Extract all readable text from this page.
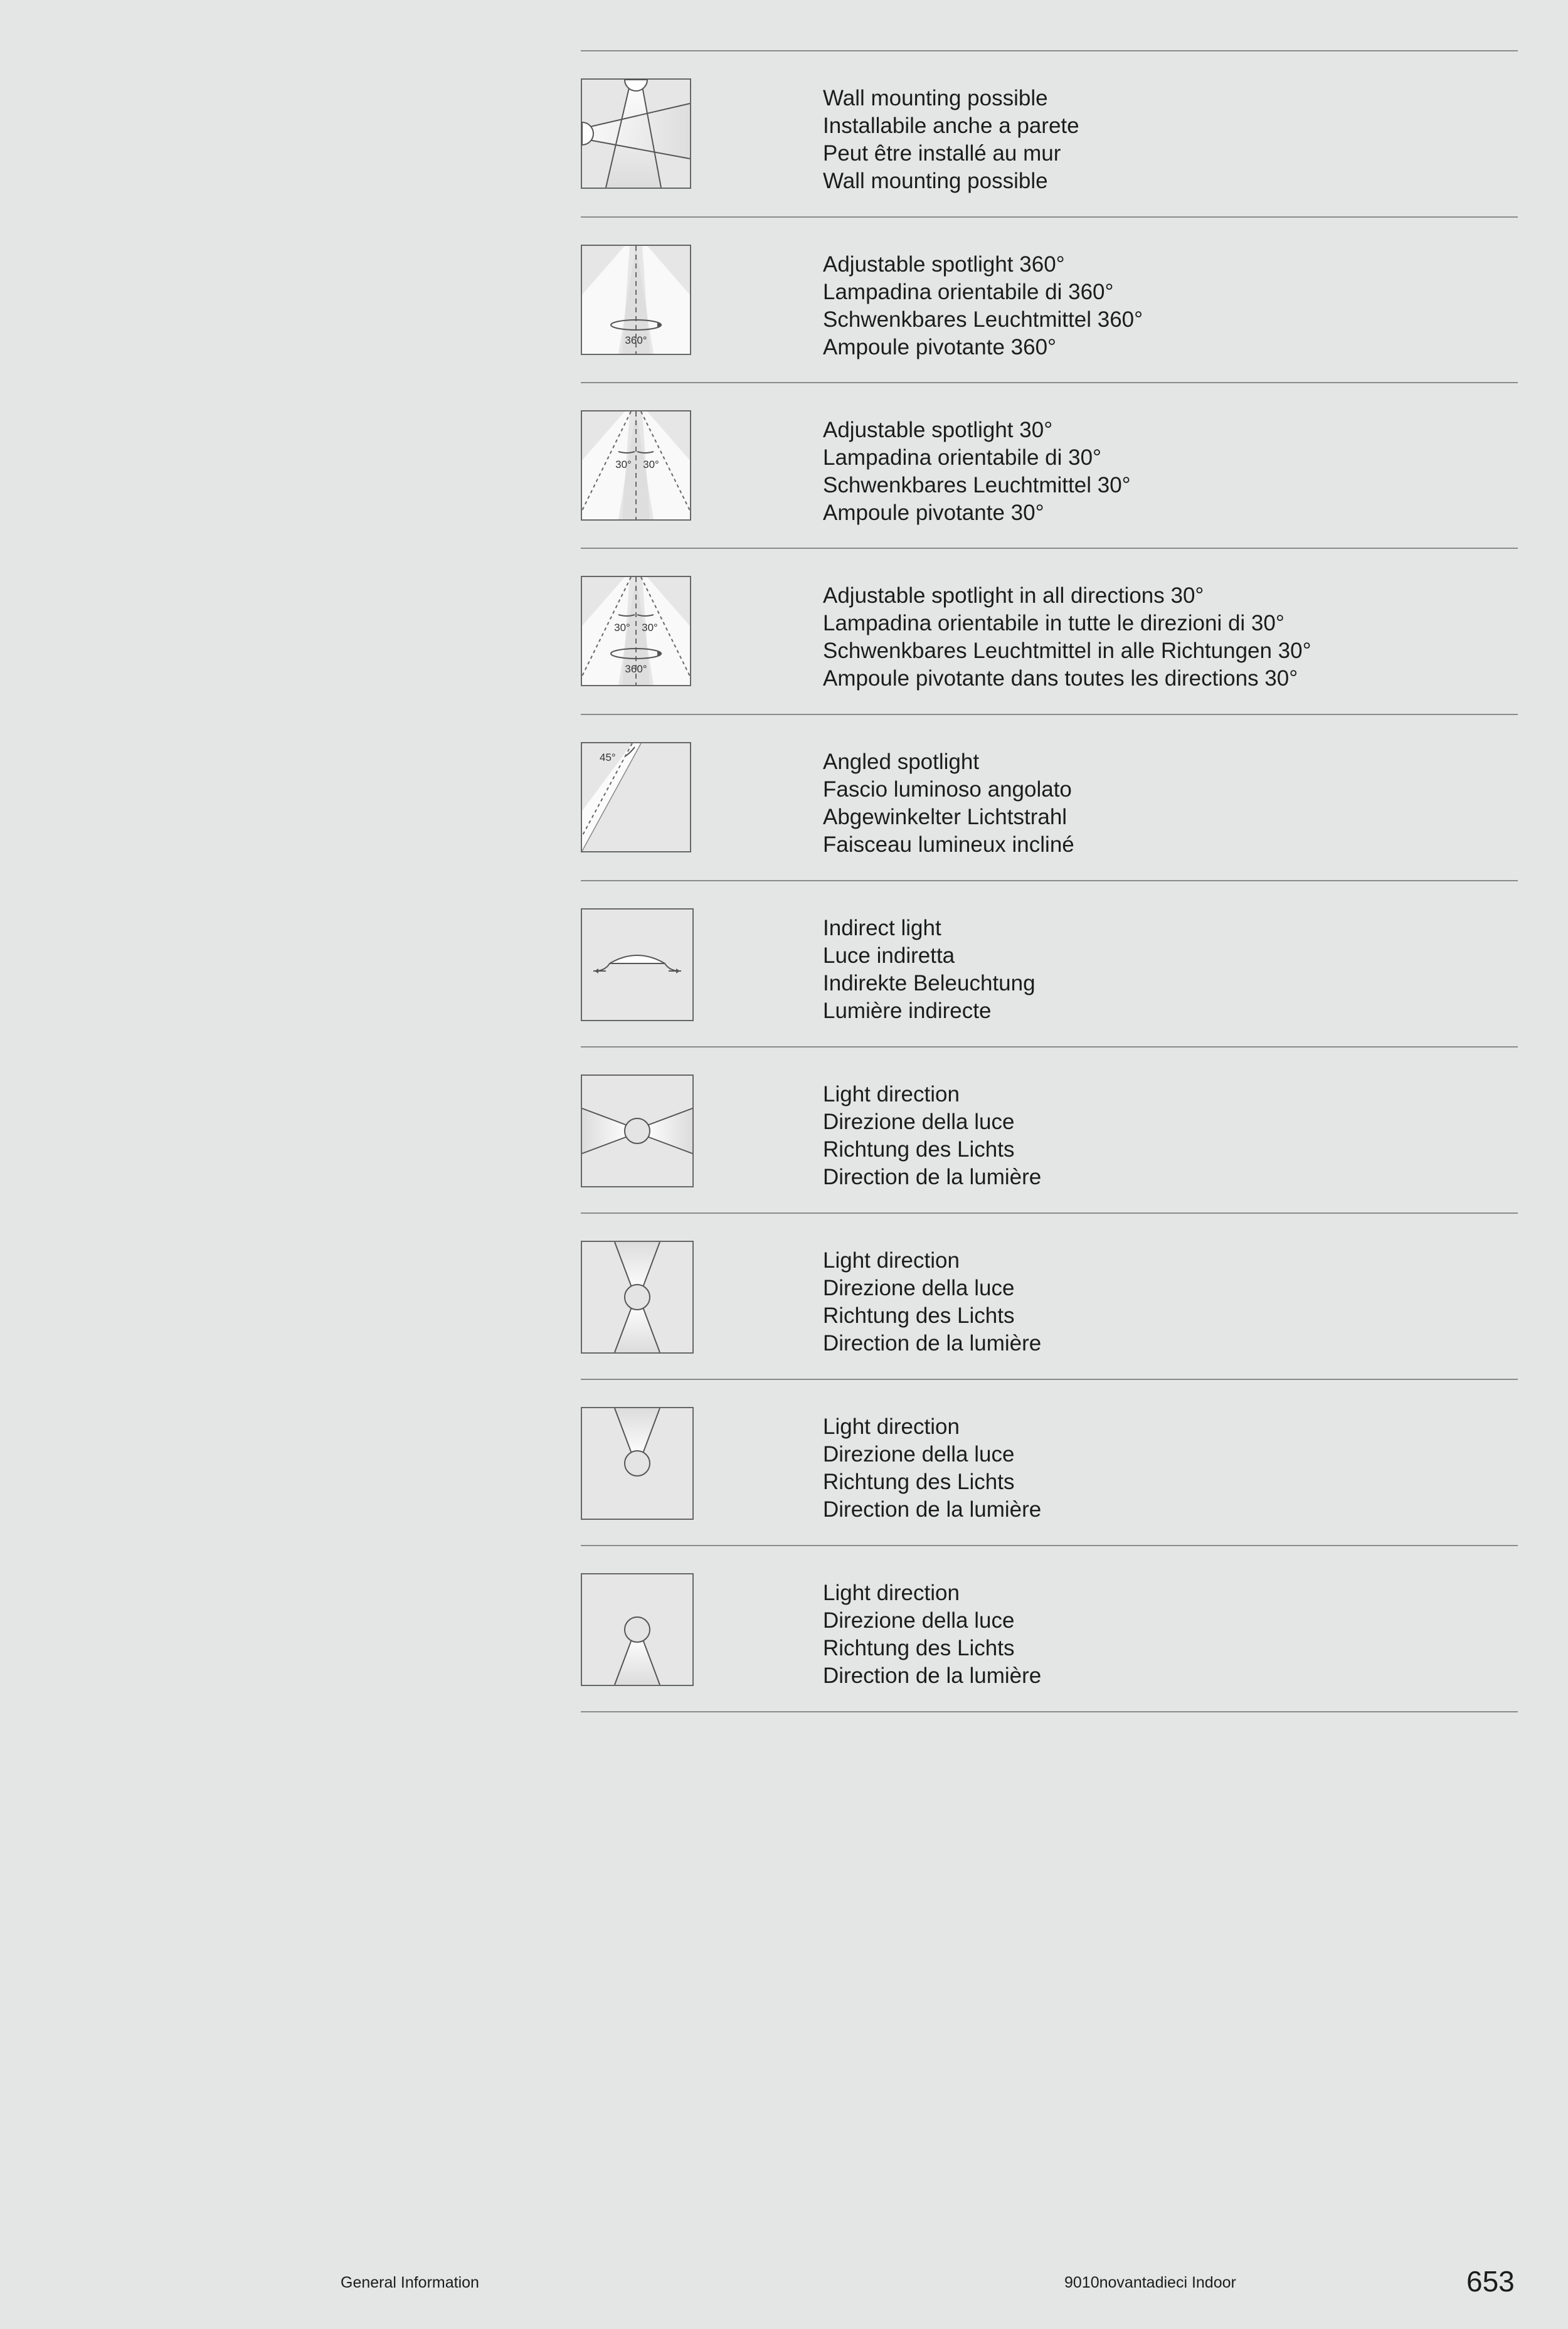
Wall mounting possible
Installabile anche a parete
Peut être installé au mur
Wall mounting possible
360°
Adjustable spotlight 360°
Lampadina orientabile di 360°
Schwenkbares Leuchtmittel 360°
Ampoule pivotante 360°
30° 30°
Adjustable spotlight 30°
Lampadina orientabile di 30°
Schwenkbares Leuchtmittel 30°
Ampoule pivotante 30°
30° 30°
360°
Adjustable spotlight in all directions 30°
Lampadina orientabile in tutte le direzioni di 30°
Schwenkbares Leuchtmittel in alle Richtungen 30°
Ampoule pivotante dans toutes les directions 30°
45°	Angled spotlight
Fascio luminoso angolato
Abgewinkelter Lichtstrahl
Faisceau lumineux incliné
Indirect light
Luce indiretta
Indirekte Beleuchtung
Lumière indirecte
Light direction
Direzione della luce
Richtung des Lichts
Direction de la lumière
Light direction
Direzione della luce
Richtung des Lichts
Direction de la lumière
Light direction
Direzione della luce
Richtung des Lichts
Direction de la lumière
Light direction
Direzione della luce
Richtung des Lichts
Direction de la lumière
General Information	9010novantadieci Indoor	653
